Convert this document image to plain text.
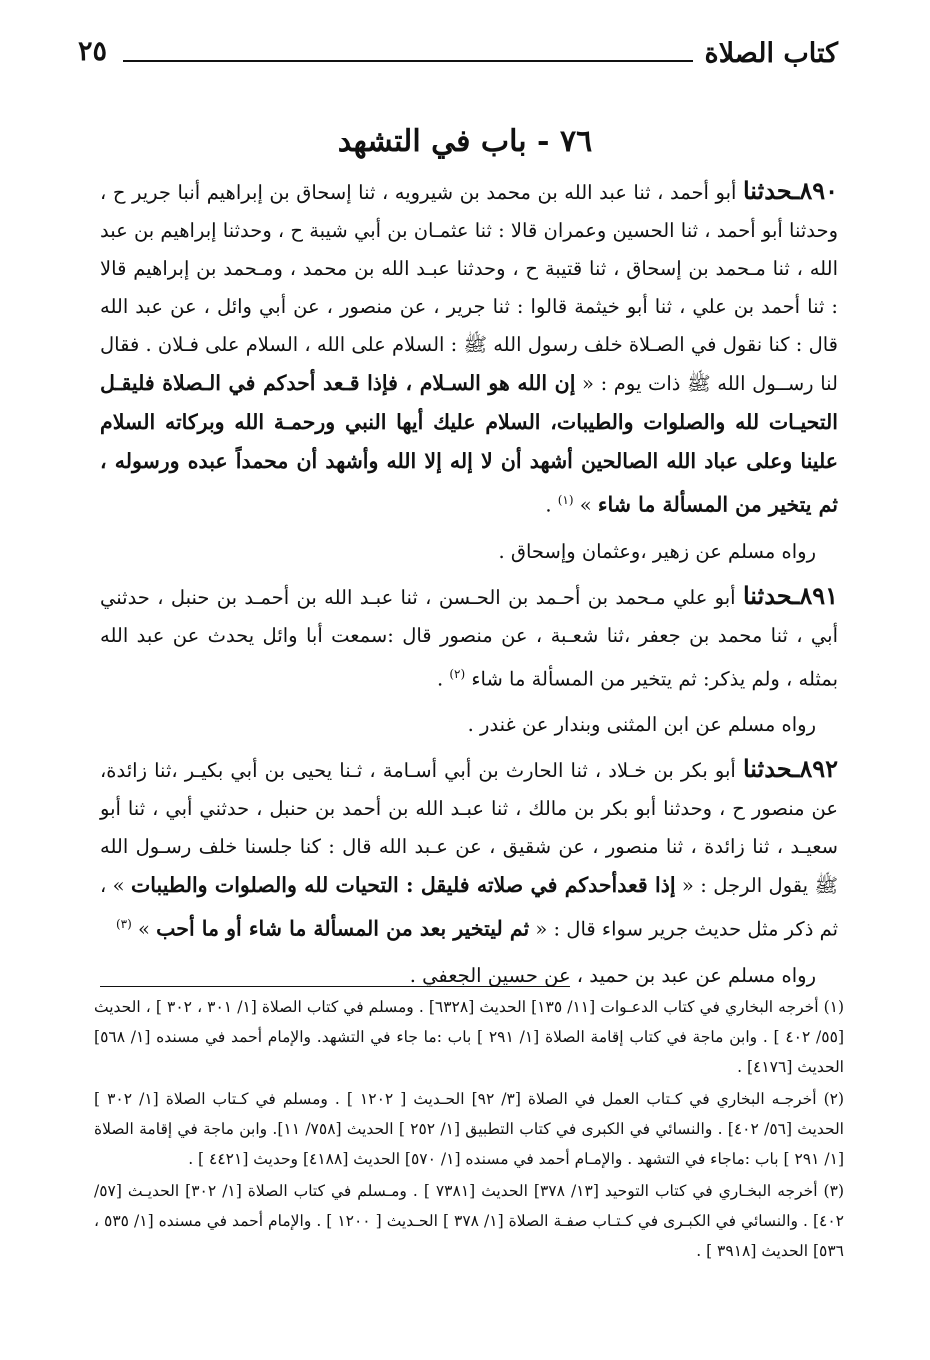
كتاب الصلاة
٢٥
٧٦ - باب في التشهد

٨٩٠ـحدثنا أبو أحمد ، ثنا عبد الله بن محمد بن شيرويه ، ثنا إسحاق بن إبراهيم أنبا جرير ح ، وحدثنا أبو أحمد ، ثنا الحسين وعمران قالا : ثنا عثمـان بن أبي شيبة ح ، وحدثنا إبراهيم بن عبد الله ، ثنا مـحمد بن إسحاق ، ثنا قتيبة ح ، وحدثنا عبـد الله بن محمد ، ومـحمد بن إبراهيم قالا : ثنا أحمد بن علي ، ثنا أبو خيثمة قالوا : ثنا جرير ، عن منصور ، عن أبي وائل ، عن عبد الله قال : كنا نقول في الصـلاة خلف رسول الله ﷺ : السلام على الله ، السلام على فـلان . فقال لنا رســول الله ﷺ ذات يوم : « إن الله هو السـلام ، فإذا قـعد أحدكم في الـصلاة فليقـل التحيـات لله والصلوات والطيبات، السلام عليك أيها النبي ورحمـة الله وبركاته السلام علينا وعلى عباد الله الصالحين أشهد أن لا إله إلا الله وأشهد أن محمداً عبده ورسوله ، ثم يتخير من المسألة ما شاء » $^{(١)}$ .

رواه مسلم عن زهير ،وعثمان وإسحاق .

٨٩١ـحدثنا أبو علي مـحمد بن أحـمد بن الحـسن ، ثنا عبـد الله بن أحمـد بن حنبل ، حدثني أبي ، ثنا محمد بن جعفر ،ثنا شعـبة ، عن منصور قال :سمعت أبا وائل يحدث عن عبد الله بمثله ، ولم يذكر: ثم يتخير من المسألة ما شاء $^{(٢)}$ .

رواه مسلم عن ابن المثنى وبندار عن غندر .

٨٩٢ـحدثنا أبو بكر بن خـلاد ، ثنا الحارث بن أبي أسـامة ، ثـنا يحيى بن أبي بكيـر ،ثنا زائدة، عن منصور ح ، وحدثنا أبو بكر بن مالك ، ثنا عبـد الله بن أحمد بن حنبل ، حدثني أبي ، ثنا أبو سعيـد ، ثنا زائدة ، ثنا منصور ، عن شقيق ، عن عـبد الله قال : كنا جلسنا خلف رسـول الله ﷺ يقول الرجل : « إذا قعدأحدكم في صلاته فليقل : التحيات لله والصلوات والطيبات » ، ثم ذكر مثل حديث جرير سواء قال : « ثم ليتخير بعد من المسألة ما شاء أو ما أحب » $^{(٣)}$

رواه مسلم عن عبد بن حميد ، عن حسين الجعفي .

(١) أخرجه البخاري في كتاب الدعـوات [١١/ ١٣٥] الحديث [٦٣٢٨] . ومسلم في كتاب الصلاة [١/ ٣٠١ ، ٣٠٢ ] ، الحديث [٥٥/ ٤٠٢ ] . وابن ماجة في كتاب إقامة الصلاة [١/ ٢٩١ ] باب :ما جاء في التشهد. والإمام أحمد في مسنده [١/ ٥٦٨] الحديث [٤١٧٦] .

(٢) أخرجـه البخاري في كـتاب العمل في الصلاة [٣/ ٩٢] الحـديث [ ١٢٠٢ ] . ومسلم في كـتاب الصلاة [١/ ٣٠٢ ] الحديث [٥٦/ ٤٠٢] . والنسائي في الكبرى في كتاب التطبيق [١/ ٢٥٢ ] الحديث [٧٥٨/ ١١]. وابن ماجة في إقامة الصلاة [١/ ٢٩١ ] باب :ماجاء في التشهد . والإمـام أحمد في مسنده [١/ ٥٧٠] الحديث [٤١٨٨] وحديث [٤٤٢١ ] .

(٣) أخرجه البخـاري في كتاب التوحيد [١٣/ ٣٧٨] الحديث [٧٣٨١ ] . ومـسلم في كتاب الصلاة [١/ ٣٠٢] الحديـث [٥٧/ ٤٠٢] . والنسائي في الكبـرى في كـتـاب صفـة الصلاة [١/ ٣٧٨ ] الحـديث [ ١٢٠٠ ] . والإمام أحمد في مسنده [١/ ٥٣٥ ، ٥٣٦] الحديث [٣٩١٨ ] .
